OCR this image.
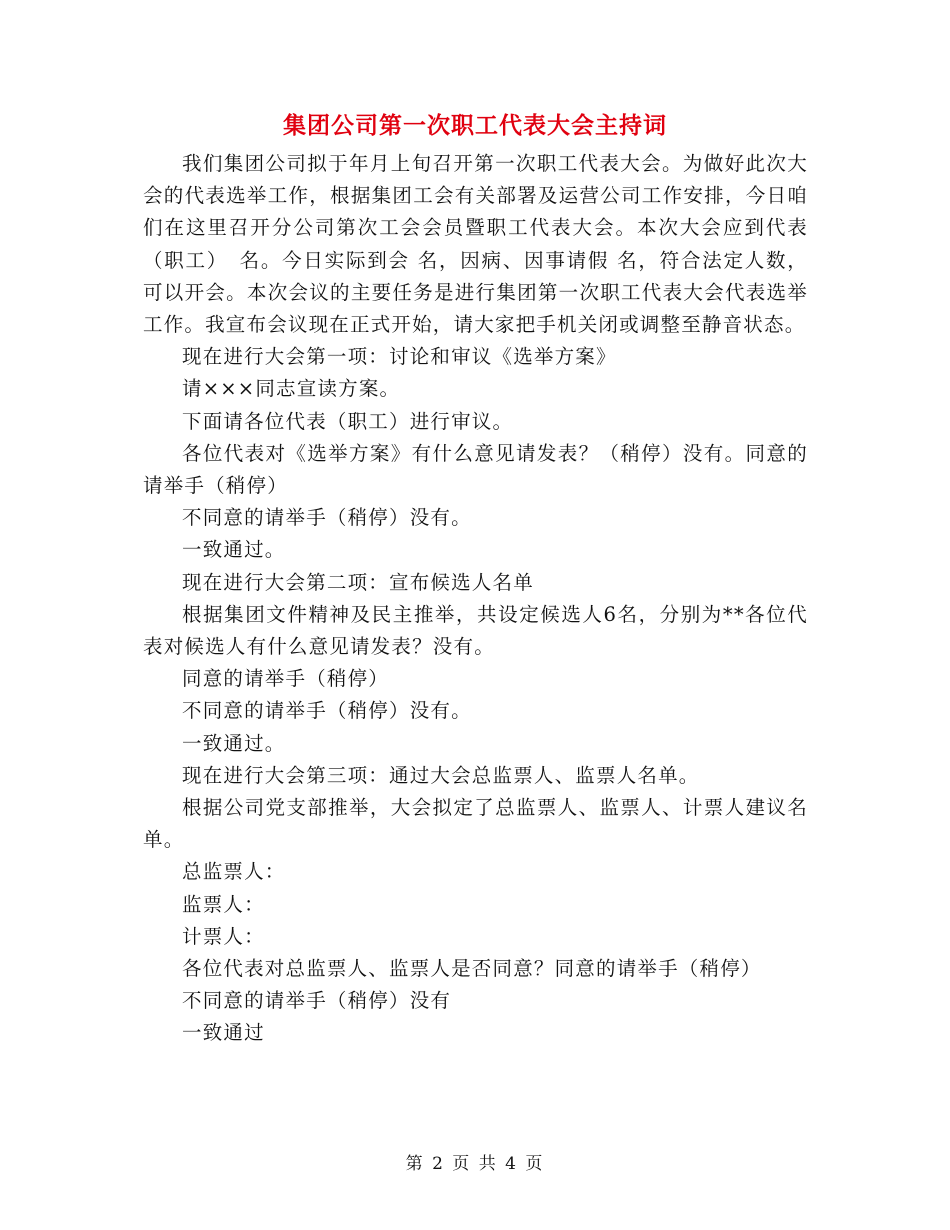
集团公司第一次职工代表大会主持词

我们集团公司拟于年月上旬召开第一次职工代表大会。为做好此次大会的代表选举工作，根据集团工会有关部署及运营公司工作安排，今日咱们在这里召开分公司第次工会会员暨职工代表大会。本次大会应到代表（职工）　名。今日实际到会 名，因病、因事请假 名，符合法定人数，可以开会。本次会议的主要任务是进行集团第一次职工代表大会代表选举工作。我宣布会议现在正式开始，请大家把手机关闭或调整至静音状态。

现在进行大会第一项：讨论和审议《选举方案》

请×××同志宣读方案。

下面请各位代表（职工）进行审议。

各位代表对《选举方案》有什么意见请发表？（稍停）没有。同意的请举手（稍停）

不同意的请举手（稍停）没有。

一致通过。

现在进行大会第二项：宣布候选人名单

根据集团文件精神及民主推举，共设定候选人6名，分别为**各位代表对候选人有什么意见请发表？没有。

同意的请举手（稍停）

不同意的请举手（稍停）没有。

一致通过。

现在进行大会第三项：通过大会总监票人、监票人名单。

根据公司党支部推举，大会拟定了总监票人、监票人、计票人建议名单。

总监票人：

监票人：

计票人：

各位代表对总监票人、监票人是否同意？同意的请举手（稍停）

不同意的请举手（稍停）没有

一致通过

第 2 页 共 4 页
